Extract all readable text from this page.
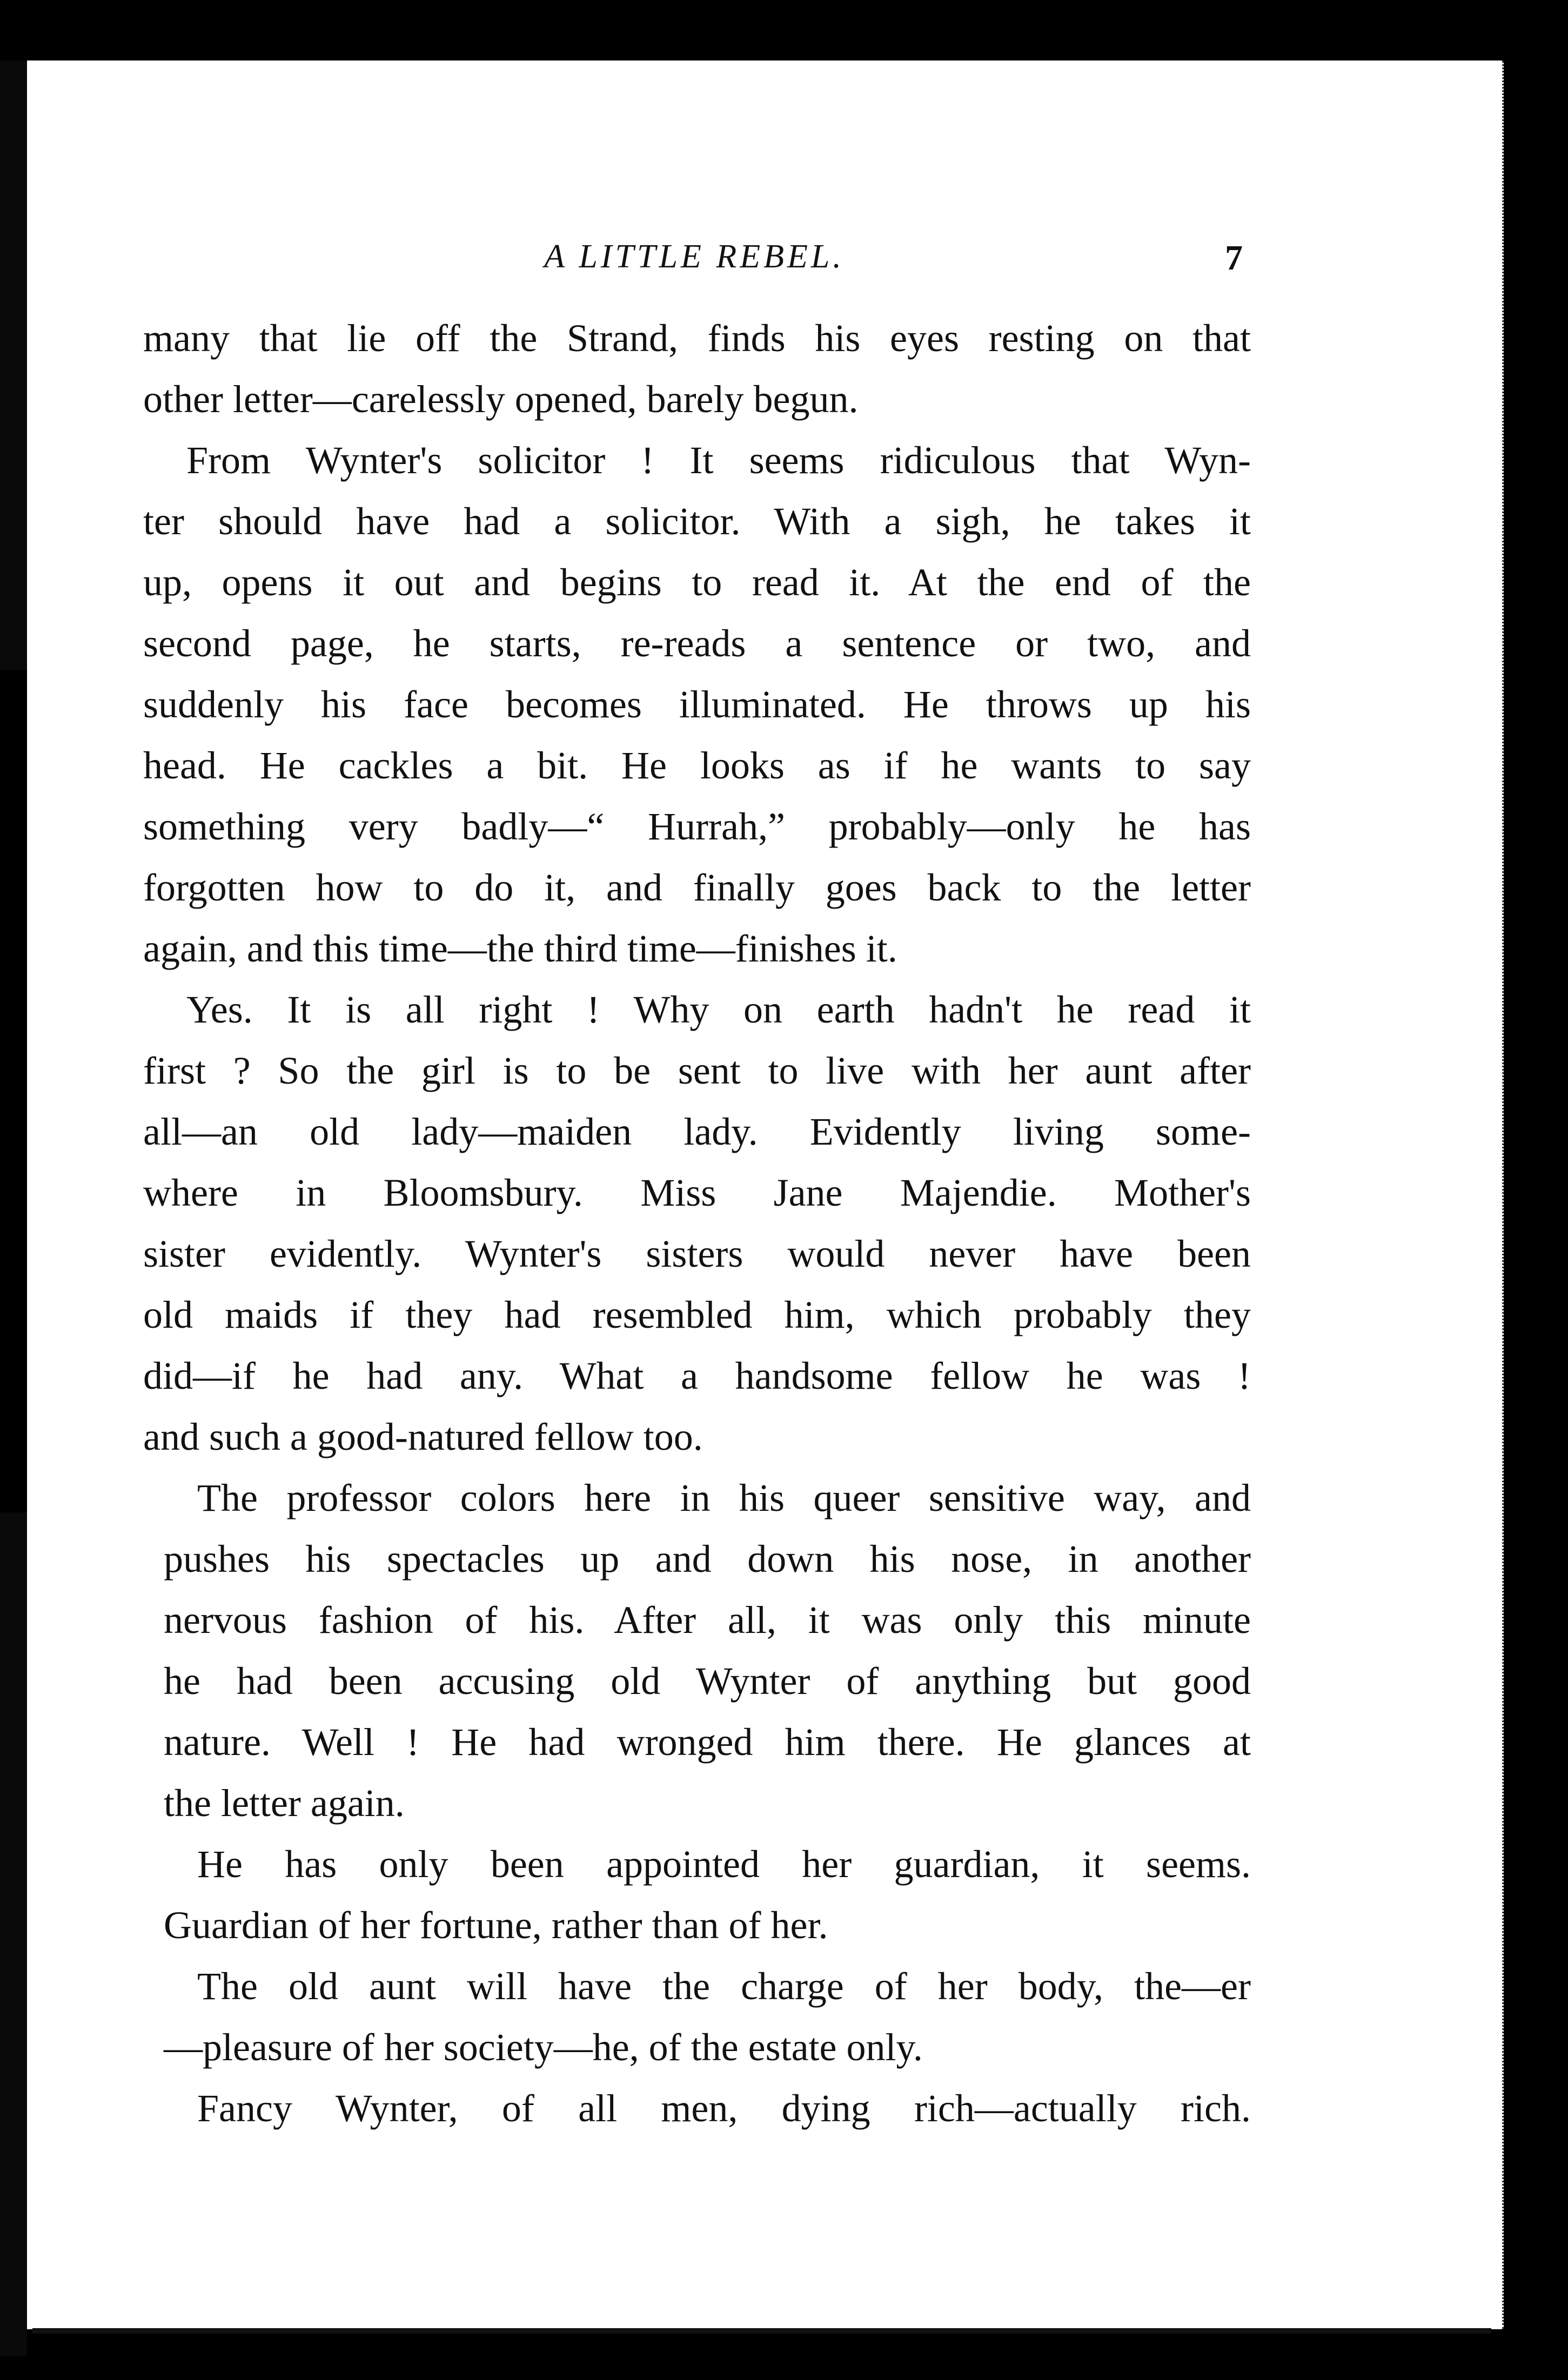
A LITTLE REBEL.	7
many that lie off the Strand, finds his eyes resting on that
other letter—carelessly opened, barely begun.
From Wynter's solicitor ! It seems ridiculous that Wyn-
ter should have had a solicitor. With a sigh, he takes it
up, opens it out and begins to read it. At the end of the
second page, he starts, re-reads a sentence or two, and
suddenly his face becomes illuminated. He throws up his
head. He cackles a bit. He looks as if he wants to say
something very badly—“ Hurrah,” probably—only he has
forgotten how to do it, and finally goes back to the letter
again, and this time—the third time—finishes it.
Yes. It is all right ! Why on earth hadn't he read it
first ? So the girl is to be sent to live with her aunt after
all—an old lady—maiden lady. Evidently living some-
where in Bloomsbury. Miss Jane Majendie. Mother's
sister evidently. Wynter's sisters would never have been
old maids if they had resembled him, which probably they
did—if he had any. What a handsome fellow he was !
and such a good-natured fellow too.
The professor colors here in his queer sensitive way, and
pushes his spectacles up and down his nose, in another
nervous fashion of his. After all, it was only this minute
he had been accusing old Wynter of anything but good
nature. Well ! He had wronged him there. He glances at
the letter again.
He has only been appointed her guardian, it seems.
Guardian of her fortune, rather than of her.
The old aunt will have the charge of her body, the—er
—pleasure of her society—he, of the estate only.
Fancy Wynter, of all men, dying rich—actually rich.
